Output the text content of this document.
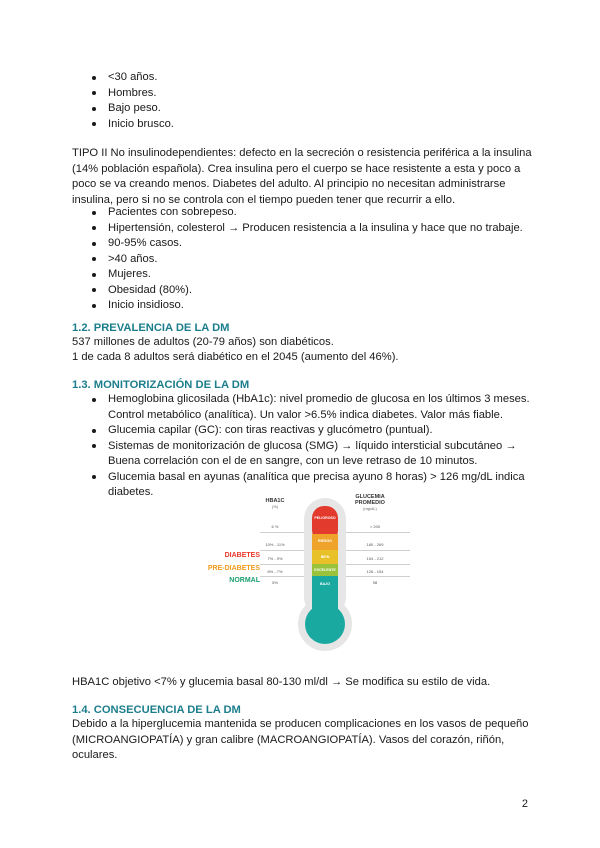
<30 años.
Hombres.
Bajo peso.
Inicio brusco.
TIPO II No insulinodependientes: defecto en la secreción o resistencia periférica a la insulina (14% población española). Crea insulina pero el cuerpo se hace resistente a esta y poco a poco se va creando menos. Diabetes del adulto. Al principio no necesitan administrarse insulina, pero si no se controla con el tiempo pueden tener que recurrir a ello.
Pacientes con sobrepeso.
Hipertensión, colesterol → Producen resistencia a la insulina y hace que no trabaje.
90-95% casos.
>40 años.
Mujeres.
Obesidad (80%).
Inicio insidioso.
1.2. PREVALENCIA DE LA DM
537 millones de adultos (20-79 años) son diabéticos.
1 de cada 8 adultos será diabético en el 2045 (aumento del 46%).
1.3. MONITORIZACIÓN DE LA DM
Hemoglobina glicosilada (HbA1c): nivel promedio de glucosa en los últimos 3 meses. Control metabólico (analítica). Un valor >6.5% indica diabetes. Valor más fiable.
Glucemia capilar (GC): con tiras reactivas y glucómetro (puntual).
Sistemas de monitorización de glucosa (SMG) → líquido intersticial subcutáneo → Buena correlación con el de en sangre, con un leve retraso de 10 minutos.
Glucemia basal en ayunas (analítica que precisa ayuno 8 horas) > 126 mg/dL indica diabetes.
HBA1C
(%)
GLUCEMIA PROMEDIO
(mg/dL)
PELIGROSO
RIESGO
BIEN
EXCELENTE
BAJO
6 %
10% - 11%
7% - 9%
6% - 7%
5%
> 200
180 - 269
154 - 212
126 - 154
98
DIABETES
PRE-DIABETES
NORMAL
HBA1C objetivo <7% y glucemia basal 80-130 ml/dl → Se modifica su estilo de vida.
1.4. CONSECUENCIA DE LA DM
Debido a la hiperglucemia mantenida se producen complicaciones en los vasos de pequeño (MICROANGIOPATÍA) y gran calibre (MACROANGIOPATÍA). Vasos del corazón, riñón, oculares.
2
